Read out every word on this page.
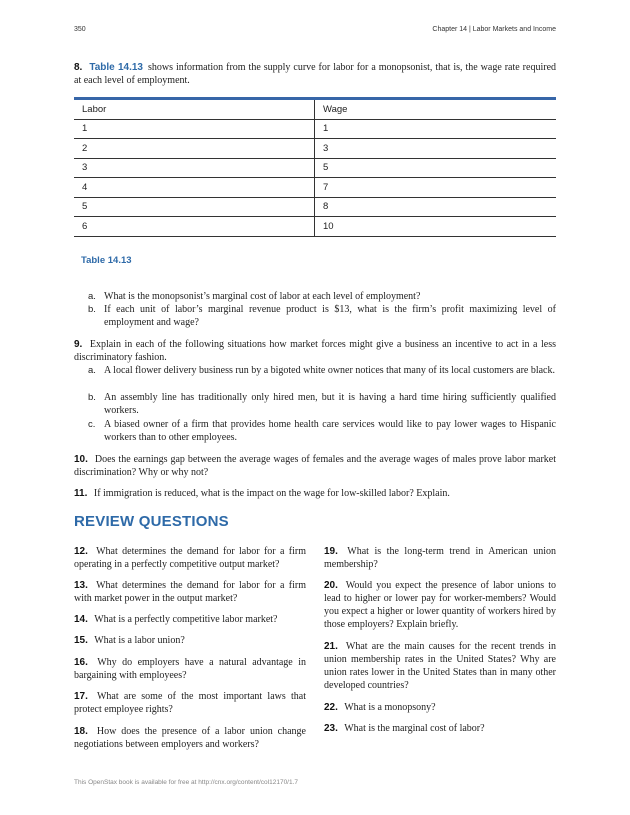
350	Chapter 14 | Labor Markets and Income
8. Table 14.13 shows information from the supply curve for labor for a monopsonist, that is, the wage rate required at each level of employment.
Labor	Wage
1	1
2	3
3	5
4	7
5	8
6	10
Table 14.13
a. What is the monopsonist’s marginal cost of labor at each level of employment?
b. If each unit of labor’s marginal revenue product is $13, what is the firm’s profit maximizing level of employment and wage?
9. Explain in each of the following situations how market forces might give a business an incentive to act in a less discriminatory fashion.
a. A local flower delivery business run by a bigoted white owner notices that many of its local customers are black.
b. An assembly line has traditionally only hired men, but it is having a hard time hiring sufficiently qualified workers.
c. A biased owner of a firm that provides home health care services would like to pay lower wages to Hispanic workers than to other employees.
10. Does the earnings gap between the average wages of females and the average wages of males prove labor market discrimination? Why or why not?
11. If immigration is reduced, what is the impact on the wage for low-skilled labor? Explain.
REVIEW QUESTIONS
12. What determines the demand for labor for a firm operating in a perfectly competitive output market?
13. What determines the demand for labor for a firm with market power in the output market?
14. What is a perfectly competitive labor market?
15. What is a labor union?
16. Why do employers have a natural advantage in bargaining with employees?
17. What are some of the most important laws that protect employee rights?
18. How does the presence of a labor union change negotiations between employers and workers?
19. What is the long-term trend in American union membership?
20. Would you expect the presence of labor unions to lead to higher or lower pay for worker-members? Would you expect a higher or lower quantity of workers hired by those employers? Explain briefly.
21. What are the main causes for the recent trends in union membership rates in the United States? Why are union rates lower in the United States than in many other developed countries?
22. What is a monopsony?
23. What is the marginal cost of labor?
This OpenStax book is available for free at http://cnx.org/content/col12170/1.7
